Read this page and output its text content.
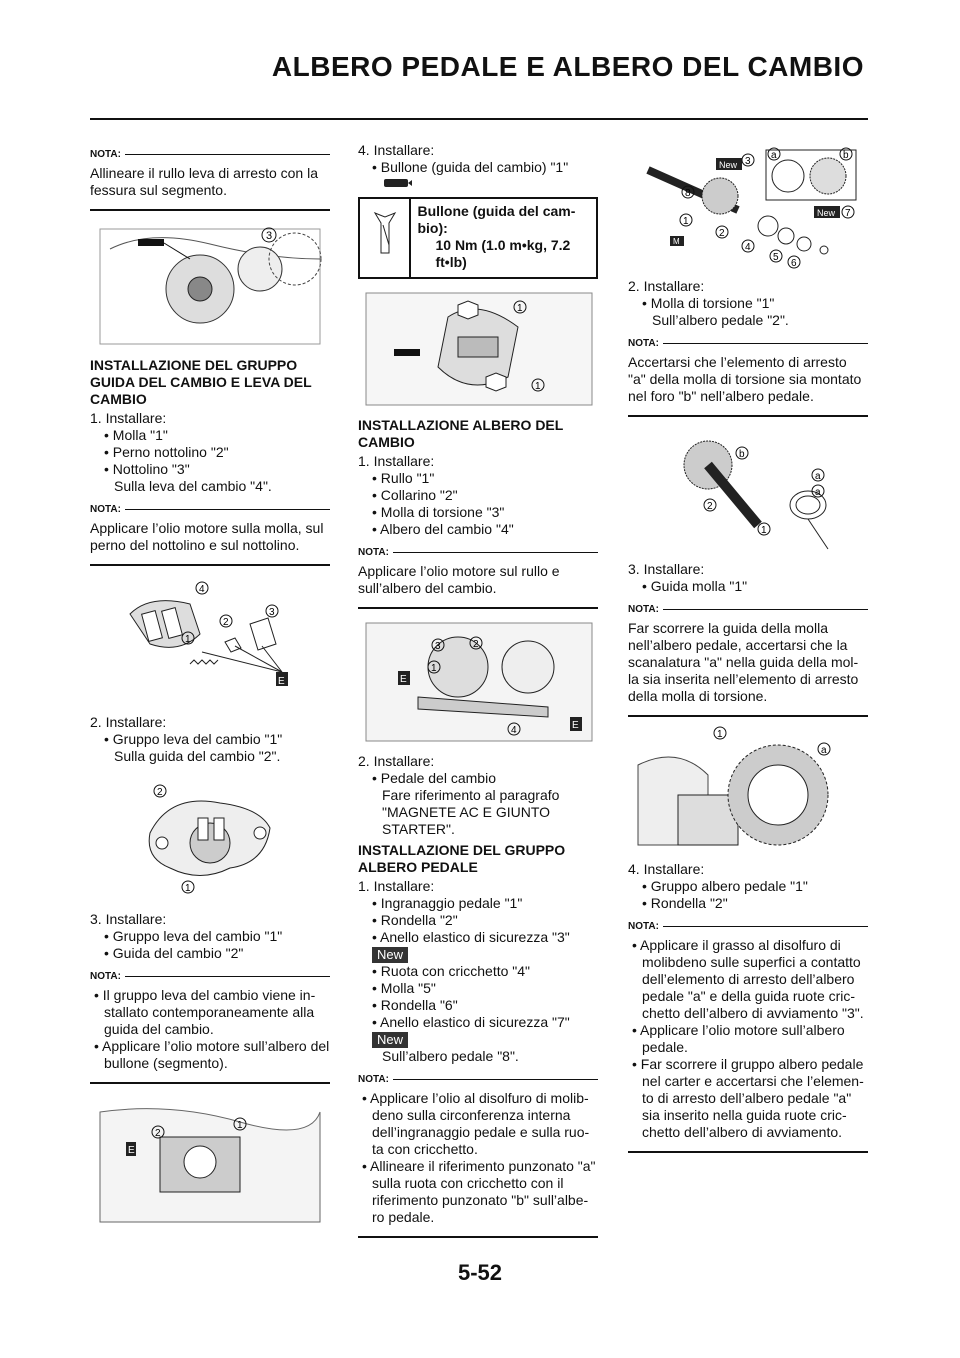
ALBERO PEDALE E ALBERO DEL CAMBIO
NOTA:
Allineare il rullo leva di arresto con la fessura sul segmento.
3
INSTALLAZIONE DEL GRUPPO GUIDA DEL CAMBIO E LEVA DEL CAMBIO
1. Installare:
• Molla "1"
• Perno nottolino "2"
• Nottolino "3"
Sulla leva del cambio "4".
NOTA:
Applicare l’olio motore sulla molla, sul perno del nottolino e sul nottolino.
E
4
3
2
1
2. Installare:
• Gruppo leva del cambio "1"
Sulla guida del cambio "2".
2
1
3. Installare:
• Gruppo leva del cambio "1"
• Guida del cambio "2"
NOTA:
• Il gruppo leva del cambio viene in-stallato contemporaneamente alla guida del cambio.
• Applicare l’olio motore sull’albero del bullone (segmento).
E
2
1
4. Installare:
• Bullone (guida del cambio) "1"
Bullone (guida del cam-bio):
10 Nm (1.0 m•kg, 7.2 ft•lb)
1
1
INSTALLAZIONE ALBERO DEL CAMBIO
1. Installare:
• Rullo "1"
• Collarino "2"
• Molla di torsione "3"
• Albero del cambio "4"
NOTA:
Applicare l’olio motore sul rullo e sull’albero del cambio.
E
E
3	2
1
4
2. Installare:
• Pedale del cambio
Fare riferimento al paragrafo "MAGNETE AC E GIUNTO STARTER".
INSTALLAZIONE DEL GRUPPO ALBERO PEDALE
1. Installare:
• Ingranaggio pedale "1"
• Rondella "2"
• Anello elastico di sicurezza "3"
New
• Ruota con cricchetto "4"
• Molla "5"
• Rondella "6"
• Anello elastico di sicurezza "7"
New
Sull’albero pedale "8".
NOTA:
• Applicare l’olio al disolfuro di molib-deno sulla circonferenza interna dell’ingranaggio pedale e sulla ruo-ta con cricchetto.
• Allineare il riferimento punzonato "a" sulla ruota con cricchetto con il riferimento punzonato "b" sull’albe-ro pedale.
New
New
M
3
8
1
2
4
5
6
7
a	b
2. Installare:
• Molla di torsione "1"
Sull’albero pedale "2".
NOTA:
Accertarsi che l’elemento di arresto "a" della molla di torsione sia montato nel foro "b" nell’albero pedale.
b
a
a
2
1
3. Installare:
• Guida molla "1"
NOTA:
Far scorrere la guida della molla nell’albero pedale, accertarsi che la scanalatura "a" nella guida della mol-la sia inserita nell’elemento di arresto della molla di torsione.
1
a
4. Installare:
• Gruppo albero pedale "1"
• Rondella "2"
NOTA:
• Applicare il grasso al disolfuro di molibdeno sulle superfici a contatto dell’elemento di arresto dell’albero pedale "a" e della guida ruote cric-chetto dell’albero di avviamento "3".
• Applicare l’olio motore sull’albero pedale.
• Far scorrere il gruppo albero pedale nel carter e accertarsi che l’elemen-to di arresto dell’albero pedale "a" sia inserito nella guida ruote cric-chetto dell’albero di avviamento.
5-52
